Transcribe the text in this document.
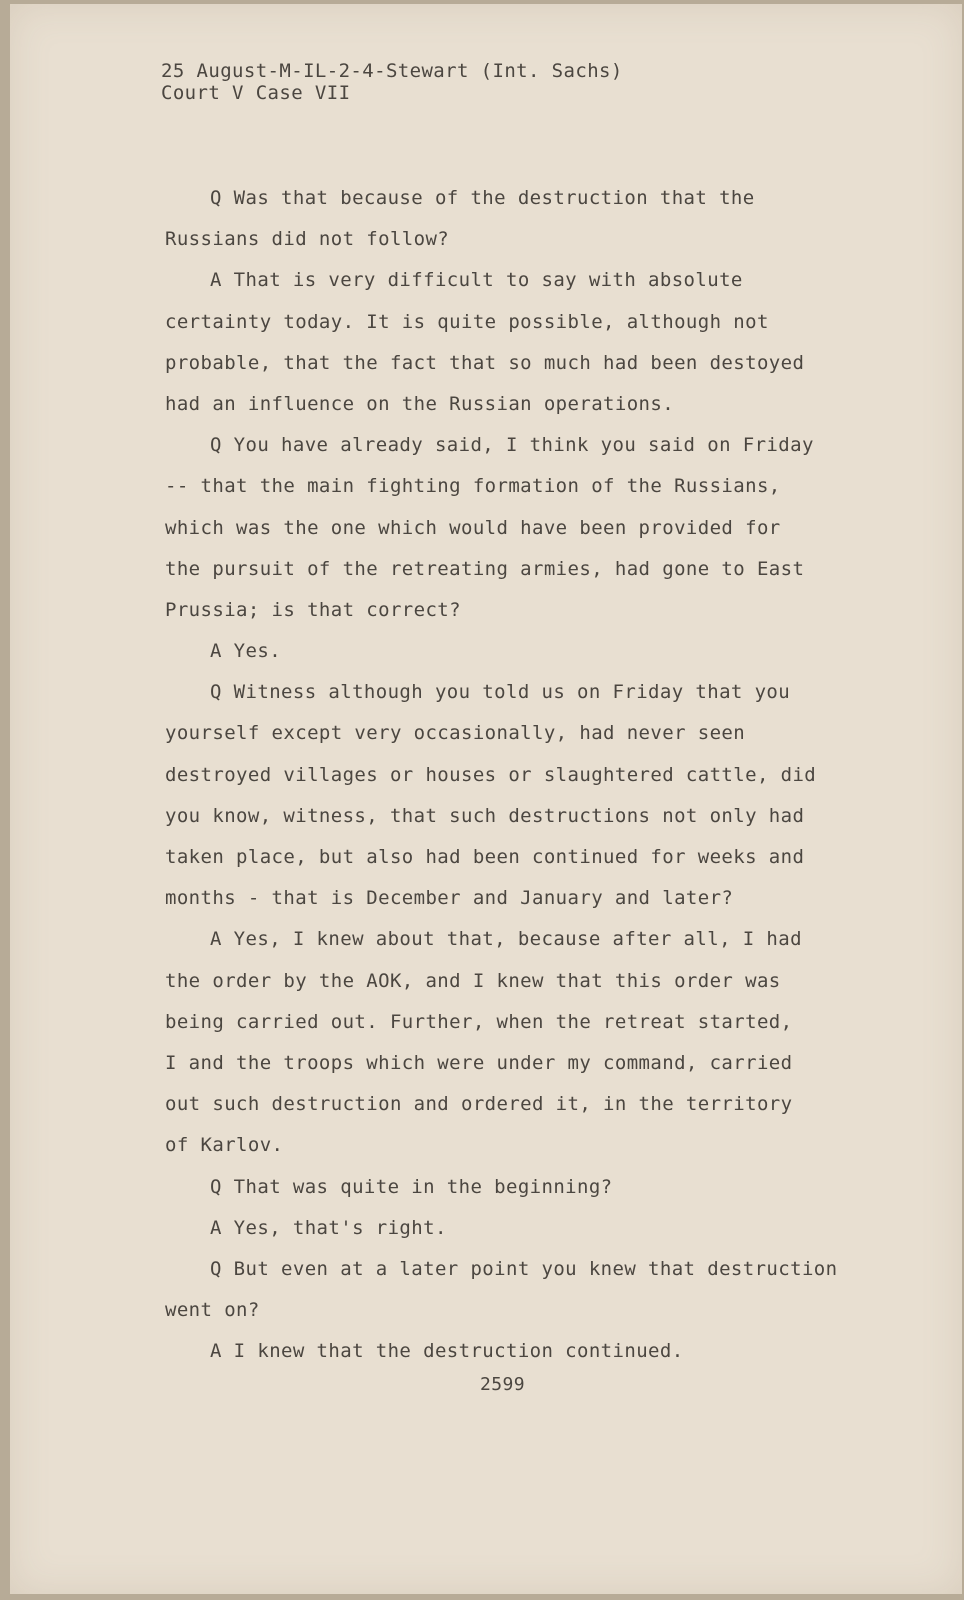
25 August-M-IL-2-4-Stewart (Int. Sachs)
Court V Case VII
Q Was that because of the destruction that the
Russians did not follow?
A That is very difficult to say with absolute
certainty today. It is quite possible, although not
probable, that the fact that so much had been destoyed
had an influence on the Russian operations.
Q You have already said, I think you said on Friday
-- that the main fighting formation of the Russians,
which was the one which would have been provided for
the pursuit of the retreating armies, had gone to East
Prussia; is that correct?
A Yes.
Q Witness although you told us on Friday that you
yourself except very occasionally, had never seen
destroyed villages or houses or slaughtered cattle, did
you know, witness, that such destructions not only had
taken place, but also had been continued for weeks and
months - that is December and January and later?
A Yes, I knew about that, because after all, I had
the order by the AOK, and I knew that this order was
being carried out. Further, when the retreat started,
I and the troops which were under my command, carried
out such destruction and ordered it, in the territory
of Karlov.
Q That was quite in the beginning?
A Yes, that's right.
Q But even at a later point you knew that destruction
went on?
A I knew that the destruction continued.
2599
